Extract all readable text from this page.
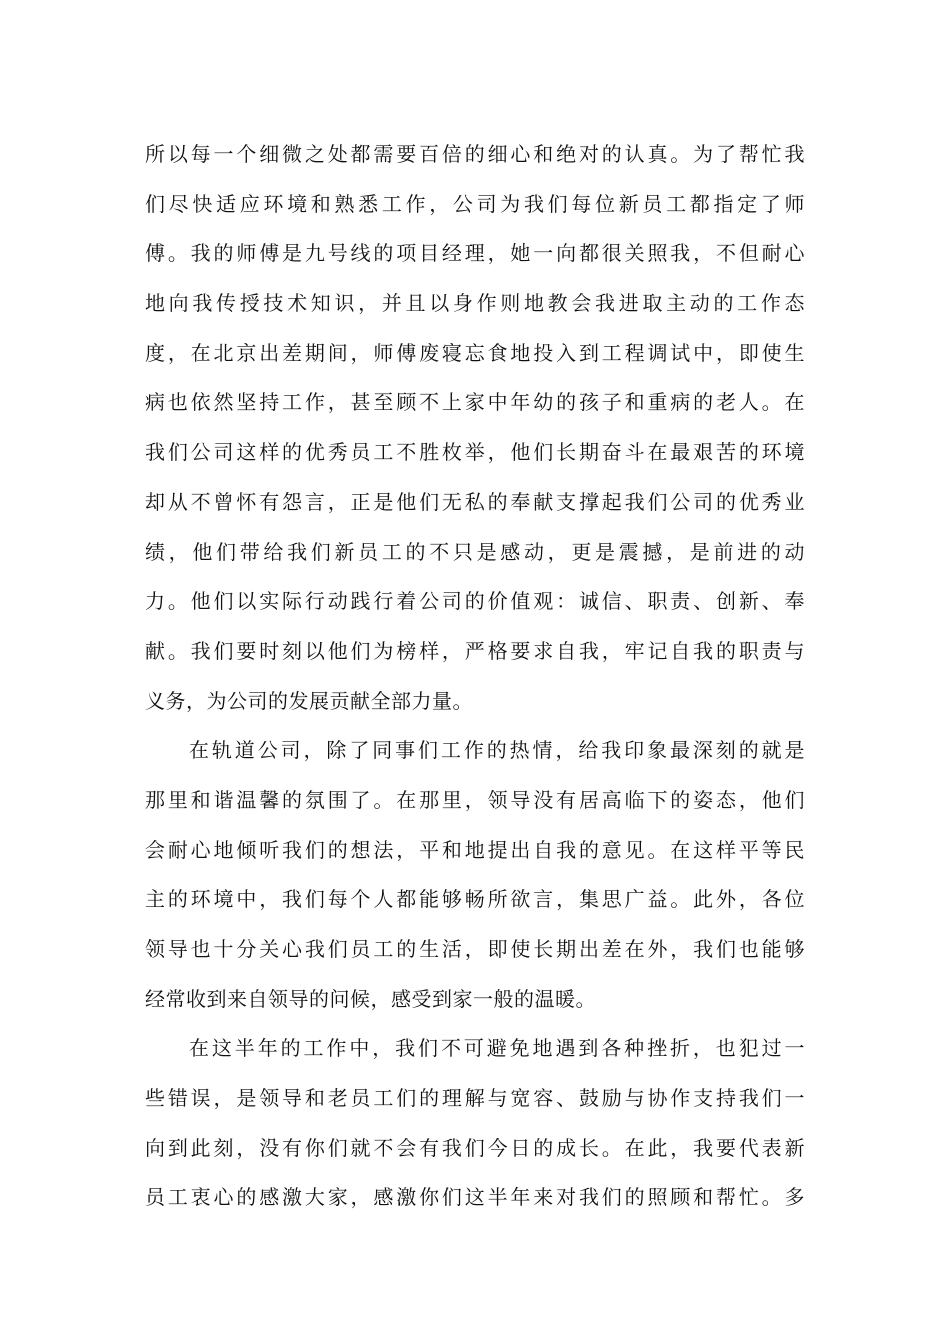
所以每一个细微之处都需要百倍的细心和绝对的认真。为了帮忙我
们尽快适应环境和熟悉工作，公司为我们每位新员工都指定了师
傅。我的师傅是九号线的项目经理，她一向都很关照我，不但耐心
地向我传授技术知识，并且以身作则地教会我进取主动的工作态
度，在北京出差期间，师傅废寝忘食地投入到工程调试中，即使生
病也依然坚持工作，甚至顾不上家中年幼的孩子和重病的老人。在
我们公司这样的优秀员工不胜枚举，他们长期奋斗在最艰苦的环境
却从不曾怀有怨言，正是他们无私的奉献支撑起我们公司的优秀业
绩，他们带给我们新员工的不只是感动，更是震撼，是前进的动
力。他们以实际行动践行着公司的价值观：诚信、职责、创新、奉
献。我们要时刻以他们为榜样，严格要求自我，牢记自我的职责与
义务，为公司的发展贡献全部力量。
在轨道公司，除了同事们工作的热情，给我印象最深刻的就是
那里和谐温馨的氛围了。在那里，领导没有居高临下的姿态，他们
会耐心地倾听我们的想法，平和地提出自我的意见。在这样平等民
主的环境中，我们每个人都能够畅所欲言，集思广益。此外，各位
领导也十分关心我们员工的生活，即使长期出差在外，我们也能够
经常收到来自领导的问候，感受到家一般的温暖。
在这半年的工作中，我们不可避免地遇到各种挫折，也犯过一
些错误，是领导和老员工们的理解与宽容、鼓励与协作支持我们一
向到此刻，没有你们就不会有我们今日的成长。在此，我要代表新
员工衷心的感激大家，感激你们这半年来对我们的照顾和帮忙。多
